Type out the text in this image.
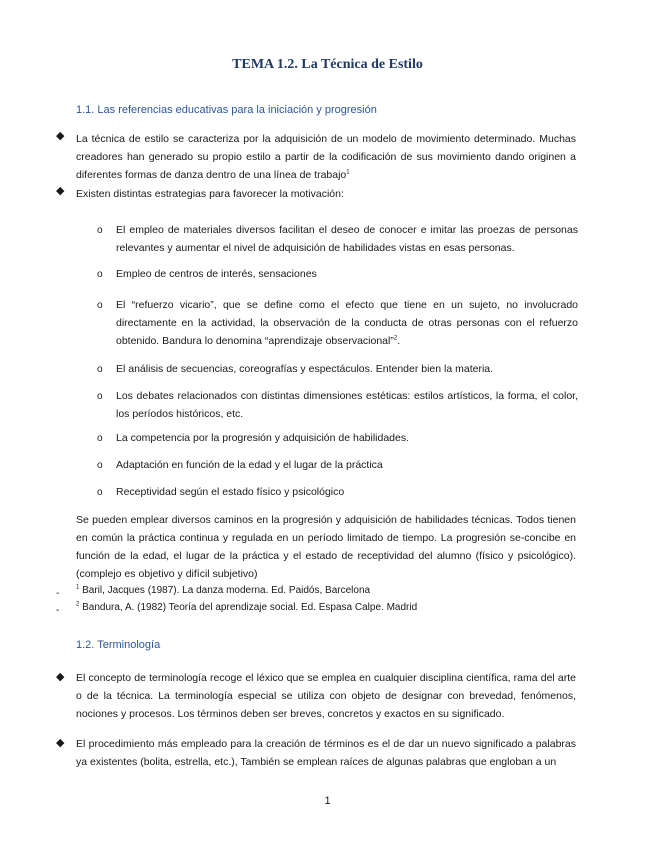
TEMA 1.2. La Técnica de Estilo
1.1. Las referencias educativas para la iniciación y progresión
◆ La técnica de estilo se caracteriza por la adquisición de un modelo de movimiento determinado. Muchas creadores han generado su propio estilo a partir de la codificación de sus movimiento dando originen a diferentes formas de danza dentro de una línea de trabajo$^1$
◆ Existen distintas estrategias para favorecer la motivación:
o El empleo de materiales diversos facilitan el deseo de conocer e imitar las proezas de personas relevantes y aumentar el nivel de adquisición de habilidades vistas en esas personas.
o Empleo de centros de interés, sensaciones
o El “refuerzo vicario”, que se define como el efecto que tiene en un sujeto, no involucrado directamente en la actividad, la observación de la conducta de otras personas con el refuerzo obtenido. Bandura lo denomina “aprendizaje observacional”$^2$.
o El análisis de secuencias, coreografías y espectáculos. Entender bien la materia.
o Los debates relacionados con distintas dimensiones estéticas: estilos artísticos, la forma, el color, los períodos históricos, etc.
o La competencia por la progresión y adquisición de habilidades.
o Adaptación en función de la edad y el lugar de la práctica
o Receptividad según el estado físico y psicológico
Se pueden emplear diversos caminos en la progresión y adquisición de habilidades técnicas. Todos tienen en común la práctica continua y regulada en un período limitado de tiempo. La progresión se-concibe en función de la edad, el lugar de la práctica y el estado de receptividad del alumno (físico y psicológico). (complejo es objetivo y difícil subjetivo)
-
$^1$ Baril, Jacques (1987). La danza moderna. Ed. Paidós, Barcelona
-
$^2$ Bandura, A. (1982) Teoría del aprendizaje social. Ed. Espasa Calpe. Madrid
1.2. Terminología
◆ El concepto de terminología recoge el léxico que se emplea en cualquier disciplina científica, rama del arte o de la técnica. La terminología especial se utiliza con objeto de designar con brevedad, fenómenos, nociones y procesos. Los términos deben ser breves, concretos y exactos en su significado.
◆ El procedimiento más empleado para la creación de términos es el de dar un nuevo significado a palabras ya existentes (bolita, estrella, etc.), También se emplean raíces de algunas palabras que engloban a un
1
